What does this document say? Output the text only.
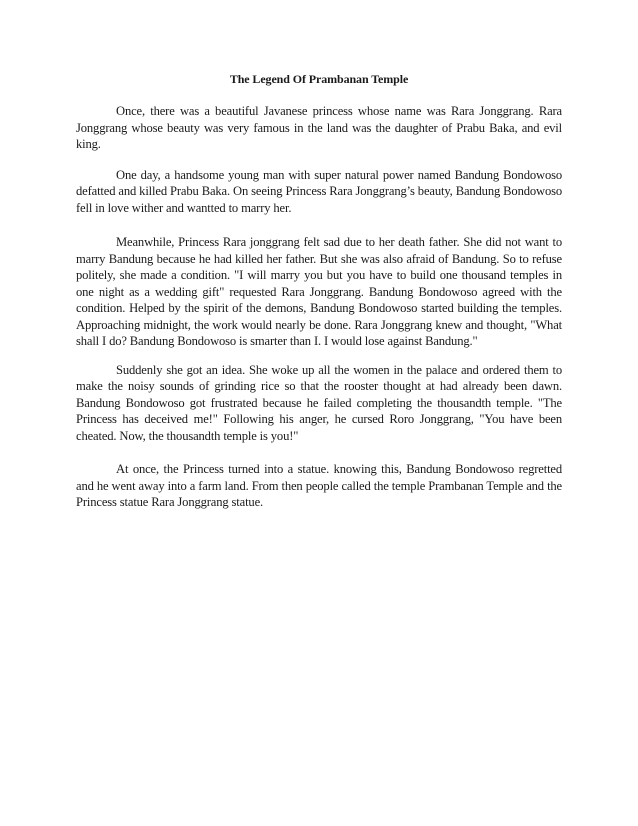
The Legend Of Prambanan Temple

Once, there was a beautiful Javanese princess whose name was Rara Jonggrang. Rara Jonggrang whose beauty was very famous in the land was the daughter of Prabu Baka, and evil king.

One day, a handsome young man with super natural power named Bandung Bondowoso defatted and killed Prabu Baka. On seeing Princess Rara Jonggrang’s beauty, Bandung Bondowoso fell in love wither and wantted to marry her.

Meanwhile, Princess Rara jonggrang felt sad due to her death father. She did not want to marry Bandung because he had killed her father. But she was also afraid of Bandung. So to refuse politely, she made a condition. "I will marry you but you have to build one thousand temples in one night as a wedding gift" requested Rara Jonggrang. Bandung Bondowoso agreed with the condition. Helped by the spirit of the demons, Bandung Bondowoso started building the temples. Approaching midnight, the work would nearly be done. Rara Jonggrang knew and thought, "What shall I do? Bandung Bondowoso is smarter than I. I would lose against Bandung."

Suddenly she got an idea. She woke up all the women in the palace and ordered them to make the noisy sounds of grinding rice so that the rooster thought at had already been dawn. Bandung Bondowoso got frustrated because he failed completing the thousandth temple. "The Princess has deceived me!" Following his anger, he cursed Roro Jonggrang, "You have been cheated. Now, the thousandth temple is you!"

At once, the Princess turned into a statue. knowing this, Bandung Bondowoso regretted and he went away into a farm land. From then people called the temple Prambanan Temple and the Princess statue Rara Jonggrang statue.
